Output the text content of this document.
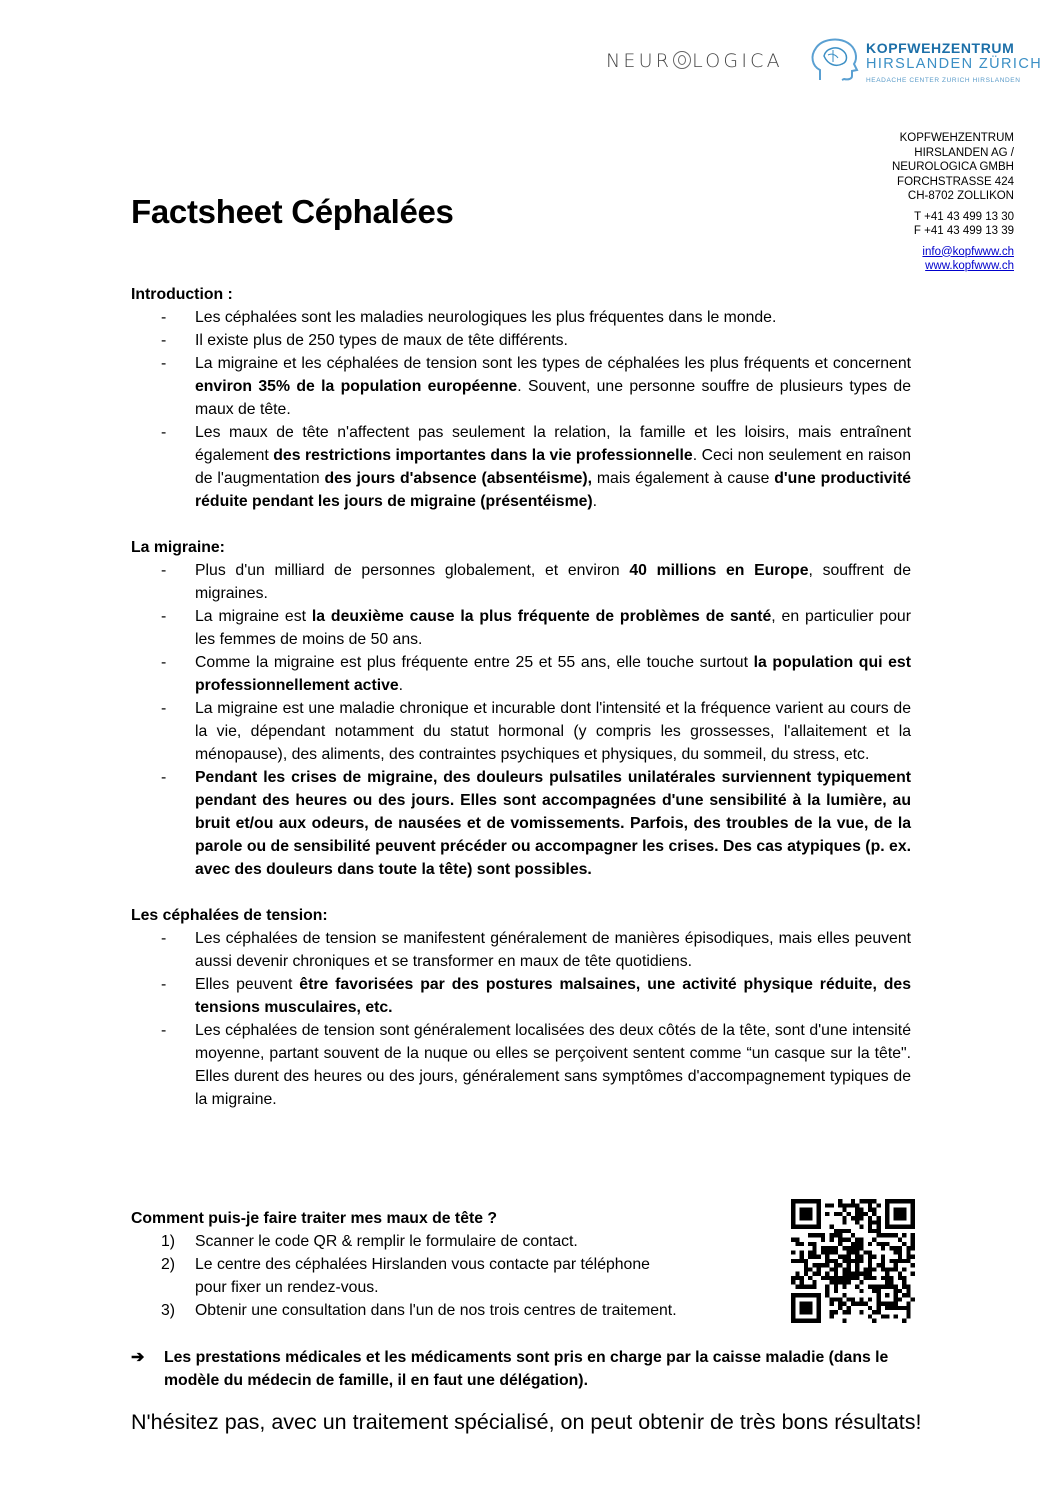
NEUR LOGICA
KOPFWEHZENTRUM
HIRSLANDEN ZÜRICH
HEADACHE CENTER ZURICH HIRSLANDEN
KOPFWEHZENTRUM
HIRSLANDEN AG /
NEUROLOGICA GMBH
FORCHSTRASSE 424
CH-8702 ZOLLIKON
T +41 43 499 13 30
F +41 43 499 13 39
info@kopfwww.ch
www.kopfwww.ch
Factsheet Céphalées

Introduction :

- Les céphalées sont les maladies neurologiques les plus fréquentes dans le monde.
- Il existe plus de 250 types de maux de tête différents.
- La migraine et les céphalées de tension sont les types de céphalées les plus fréquents et concernent environ 35% de la population européenne. Souvent, une personne souffre de plusieurs types de maux de tête.
- Les maux de tête n'affectent pas seulement la relation, la famille et les loisirs, mais entraînent également des restrictions importantes dans la vie professionnelle. Ceci non seulement en raison de l'augmentation des jours d'absence (absentéisme), mais également à cause d'une productivité réduite pendant les jours de migraine (présentéisme).

La migraine:

- Plus d'un milliard de personnes globalement, et environ 40 millions en Europe, souffrent de migraines.
- La migraine est la deuxième cause la plus fréquente de problèmes de santé, en particulier pour les femmes de moins de 50 ans.
- Comme la migraine est plus fréquente entre 25 et 55 ans, elle touche surtout la population qui est professionnellement active.
- La migraine est une maladie chronique et incurable dont l'intensité et la fréquence varient au cours de la vie, dépendant notamment du statut hormonal (y compris les grossesses, l'allaitement et la ménopause), des aliments, des contraintes psychiques et physiques, du sommeil, du stress, etc.
- Pendant les crises de migraine, des douleurs pulsatiles unilatérales surviennent typiquement pendant des heures ou des jours. Elles sont accompagnées d'une sensibilité à la lumière, au bruit et/ou aux odeurs, de nausées et de vomissements. Parfois, des troubles de la vue, de la parole ou de sensibilité peuvent précéder ou accompagner les crises. Des cas atypiques (p. ex. avec des douleurs dans toute la tête) sont possibles.

Les céphalées de tension:

- Les céphalées de tension se manifestent généralement de manières épisodiques, mais elles peuvent aussi devenir chroniques et se transformer en maux de tête quotidiens.
- Elles peuvent être favorisées par des postures malsaines, une activité physique réduite, des tensions musculaires, etc.
- Les céphalées de tension sont généralement localisées des deux côtés de la tête, sont d'une intensité moyenne, partant souvent de la nuque ou elles se perçoivent sentent comme “un casque sur la tête". Elles durent des heures ou des jours, généralement sans symptômes d'accompagnement typiques de la migraine.

Comment puis-je faire traiter mes maux de tête ?

1) Scanner le code QR & remplir le formulaire de contact.
2) Le centre des céphalées Hirslanden vous contacte par téléphone pour fixer un rendez-vous.
3) Obtenir une consultation dans l'un de nos trois centres de traitement.
➔	Les prestations médicales et les médicaments sont pris en charge par la caisse maladie (dans le modèle du médecin de famille, il en faut une délégation).
N'hésitez pas, avec un traitement spécialisé, on peut obtenir de très bons résultats!
